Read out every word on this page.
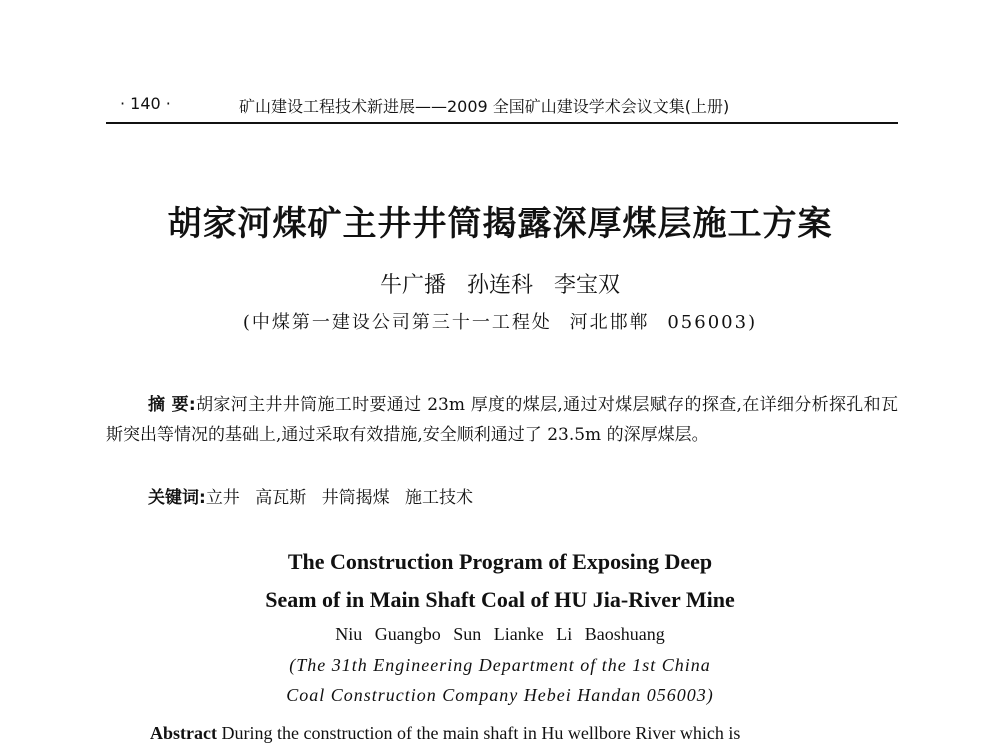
· 140 ·	矿山建设工程技术新进展——2009 全国矿山建设学术会议文集(上册)
胡家河煤矿主井井筒揭露深厚煤层施工方案
牛广播 孙连科 李宝双
(中煤第一建设公司第三十一工程处 河北邯郸 056003)
摘 要:胡家河主井井筒施工时要通过 23m 厚度的煤层,通过对煤层赋存的探查,在详细分析探孔和瓦斯突出等情况的基础上,通过采取有效措施,安全顺利通过了 23.5m 的深厚煤层。
关键词:立井 高瓦斯 井筒揭煤 施工技术
The Construction Program of Exposing Deep
Seam of in Main Shaft Coal of HU Jia-River Mine
Niu Guangbo Sun Lianke Li Baoshuang
(The 31th Engineering Department of the 1st China
Coal Construction Company Hebei Handan 056003)
Abstract During the construction of the main shaft in Hu wellbore River which is
